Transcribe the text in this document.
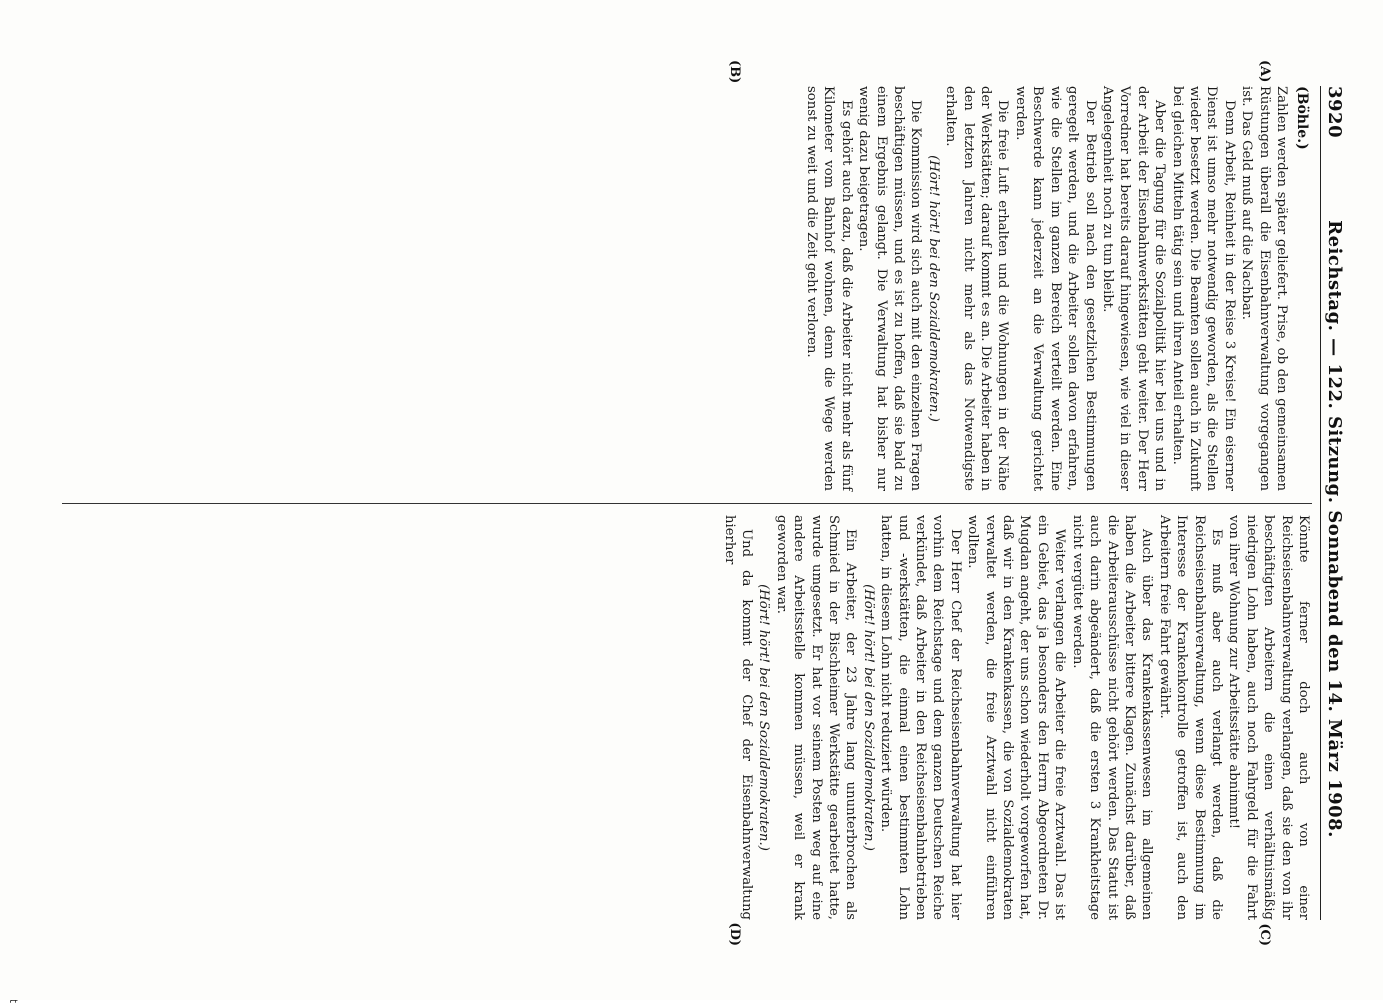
3920
Reichstag. — 122. Sitzung. Sonnabend den 14. März 1908.
(A)
(B)
(Böhle.)

Zahlen werden später geliefert. Prise, ob den gemeinsamen Rüstungen überall die Eisenbahnverwaltung vorgegangen ist. Das Geld muß auf die Nachbar.

Denn Arbeit, Reinheit in der Reise 3 Kreise! Ein eiserner Dienst ist umso mehr notwendig geworden, als die Stellen wieder besetzt werden. Die Beamten sollen auch in Zukunft bei gleichen Mitteln tätig sein und ihren Anteil erhalten.

Aber die Tagung für die Sozialpolitik hier bei uns und in der Arbeit der Eisenbahnwerkstätten geht weiter. Der Herr Vorredner hat bereits darauf hingewiesen, wie viel in dieser Angelegenheit noch zu tun bleibt.

Der Betrieb soll nach den gesetzlichen Bestimmungen geregelt werden, und die Arbeiter sollen davon erfahren, wie die Stellen im ganzen Bereich verteilt werden. Eine Beschwerde kann jederzeit an die Verwaltung gerichtet werden.

Die freie Luft erhalten und die Wohnungen in der Nähe der Werkstätten; darauf kommt es an. Die Arbeiter haben in den letzten Jahren nicht mehr als das Notwendigste erhalten.

(Hört! hört! bei den Sozialdemokraten.)

Die Kommission wird sich auch mit den einzelnen Fragen beschäftigen müssen, und es ist zu hoffen, daß sie bald zu einem Ergebnis gelangt. Die Verwaltung hat bisher nur wenig dazu beigetragen.

Es gehört auch dazu, daß die Arbeiter nicht mehr als fünf Kilometer vom Bahnhof wohnen, denn die Wege werden sonst zu weit und die Zeit geht verloren.

(C)
(D)

Könnte ferner doch auch von einer Reichseisenbahnverwaltung verlangen, daß sie den von ihr beschäftigten Arbeitern die einen verhältnismäßig niedrigen Lohn haben, auch noch Fahrgeld für die Fahrt von ihrer Wohnung zur Arbeitsstätte abnimmt!

Es muß aber auch verlangt werden, daß die Reichseisenbahnverwaltung, wenn diese Bestimmung im Interesse der Krankenkontrolle getroffen ist, auch den Arbeitern freie Fahrt gewährt.

Auch über das Krankenkassenwesen im allgemeinen haben die Arbeiter bittere Klagen. Zunächst darüber, daß die Arbeiterausschüsse nicht gehört werden. Das Statut ist auch darin abgeändert, daß die ersten 3 Krankheitstage nicht vergütet werden.

Weiter verlangen die Arbeiter die freie Arztwahl. Das ist ein Gebiet, das ja besonders den Herrn Abgeordneten Dr. Mugdan angeht, der uns schon wiederholt vorgeworfen hat, daß wir in den Krankenkassen, die von Sozialdemokraten verwaltet werden, die freie Arztwahl nicht einführen wollten.

Der Herr Chef der Reichseisenbahnverwaltung hat hier vorhin dem Reichstage und dem ganzen Deutschen Reiche verkündet, daß Arbeiter in den Reichseisenbahnbetrieben und -werkstätten, die einmal einen bestimmten Lohn hatten, in diesem Lohn nicht reduziert würden.

(Hört! hört! bei den Sozialdemokraten.)

Ein Arbeiter, der 23 Jahre lang ununterbrochen als Schmied in der Bischheimer Werkstätte gearbeitet hatte, wurde umgesetzt. Er hat vor seinem Posten weg auf eine andere Arbeitsstelle kommen müssen, weil er krank geworden war.

(Hört! hört! bei den Sozialdemokraten.)

Und da kommt der Chef der Eisenbahnverwaltung hierher
